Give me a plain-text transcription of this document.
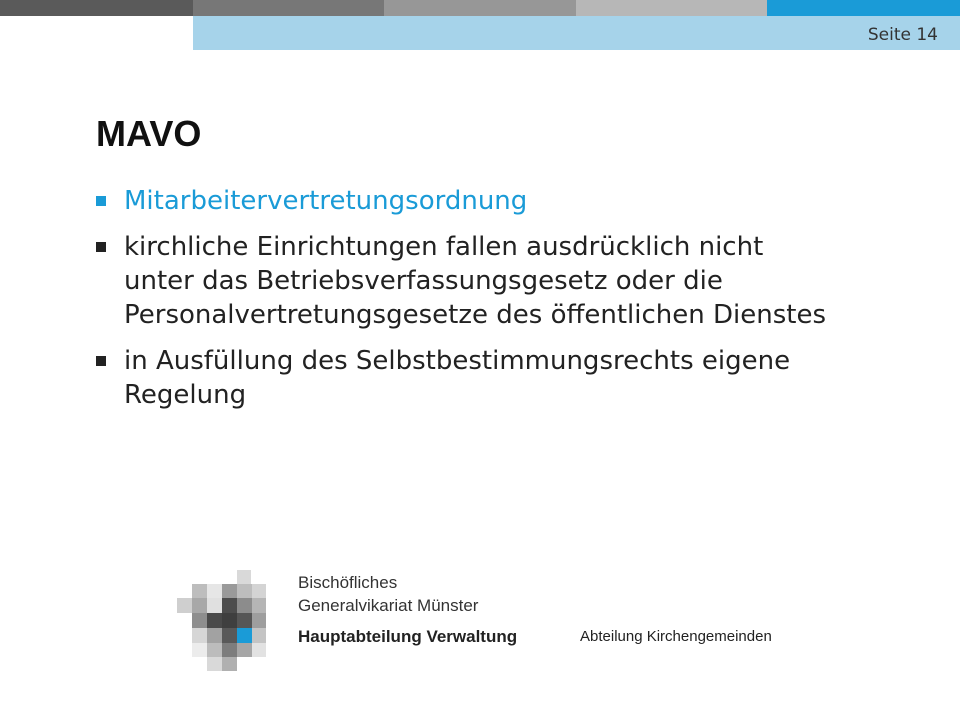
Seite 14
MAVO
Mitarbeitervertretungsordnung
kirchliche Einrichtungen fallen ausdrücklich nicht unter das Betriebsverfassungsgesetz oder die Personalvertretungsgesetze des öffentlichen Dienstes
in Ausfüllung des Selbstbestimmungsrechts eigene Regelung
Bischöfliches
Generalvikariat Münster
Hauptabteilung Verwaltung	Abteilung Kirchengemeinden
